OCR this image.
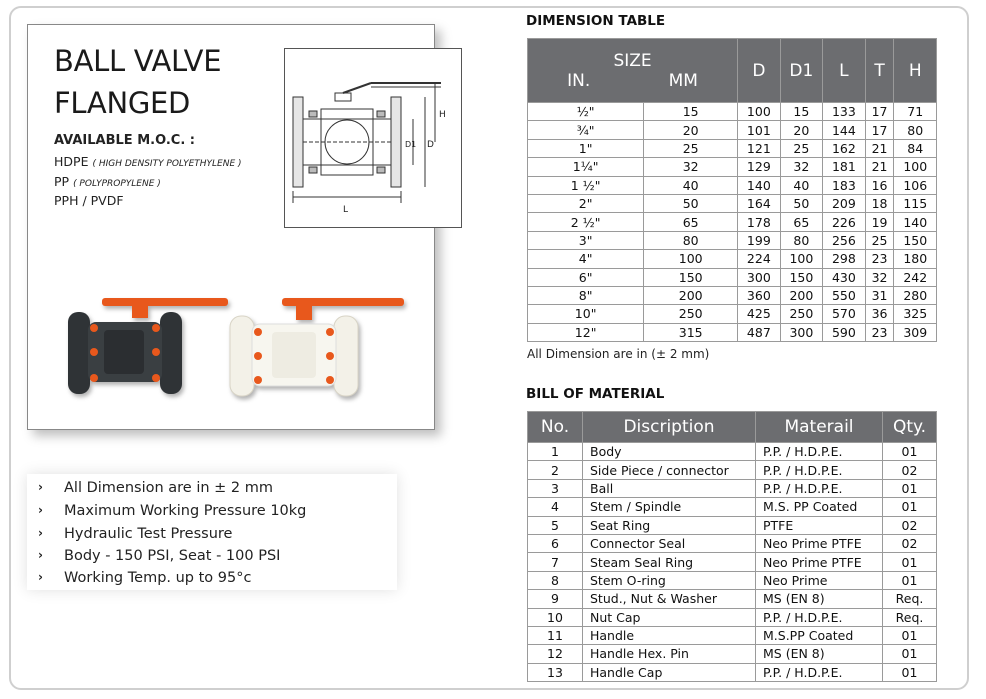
BALL VALVE
FLANGED
AVAILABLE M.O.C. :
HDPE ( HIGH DENSITY POLYETHYLENE )
PP ( POLYPROPYLENE )
PPH / PVDF
L
H
D1 D
› All Dimension are in ± 2 mm
› Maximum Working Pressure 10kg
› Hydraulic Test Pressure
› Body - 150 PSI, Seat - 100 PSI
› Working Temp. up to 95°c
DIMENSION TABLE
SIZE
IN. MM		D	D1	L	T	H
½"	15	100	15	133	17	71
¾"	20	101	20	144	17	80
1"	25	121	25	162	21	84
1¼"	32	129	32	181	21	100
1 ½"	40	140	40	183	16	106
2"	50	164	50	209	18	115
2 ½"	65	178	65	226	19	140
3"	80	199	80	256	25	150
4"	100	224	100	298	23	180
6"	150	300	150	430	32	242
8"	200	360	200	550	31	280
10"	250	425	250	570	36	325
12"	315	487	300	590	23	309
All Dimension are in (± 2 mm)
BILL OF MATERIAL
No.	Discription	Materail	Qty.
1	Body	P.P. / H.D.P.E.	01
2	Side Piece / connector	P.P. / H.D.P.E.	02
3	Ball	P.P. / H.D.P.E.	01
4	Stem / Spindle	M.S. PP Coated	01
5	Seat Ring	PTFE	02
6	Connector Seal	Neo Prime PTFE	02
7	Steam Seal Ring	Neo Prime PTFE	01
8	Stem O-ring	Neo Prime	01
9	Stud., Nut & Washer	MS (EN 8)	Req.
10	Nut Cap	P.P. / H.D.P.E.	Req.
11	Handle	M.S.PP Coated	01
12	Handle Hex. Pin	MS (EN 8)	01
13	Handle Cap	P.P. / H.D.P.E.	01
